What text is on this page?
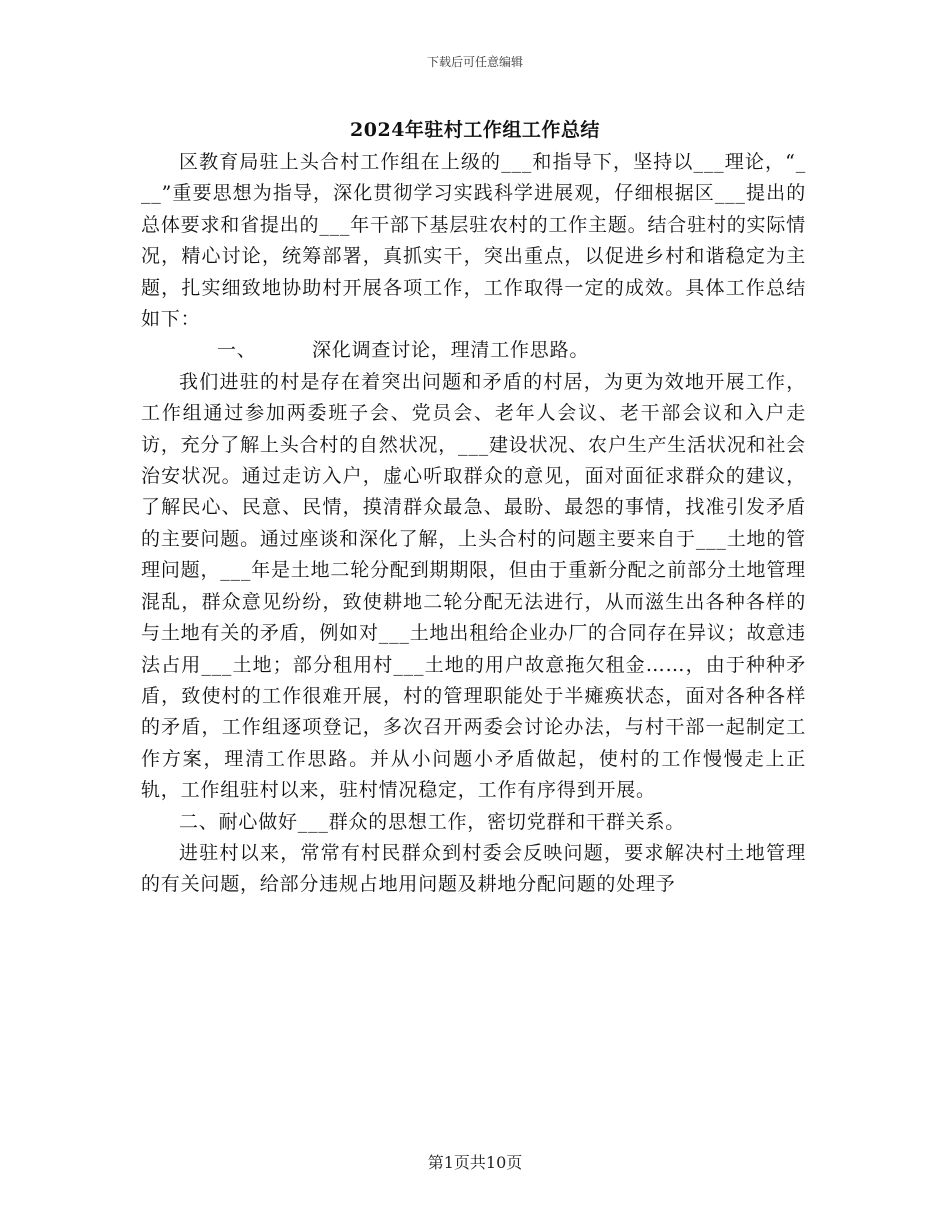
下载后可任意编辑
2024年驻村工作组工作总结

区教育局驻上头合村工作组在上级的___和指导下，坚持以___理论，“___”重要思想为指导，深化贯彻学习实践科学进展观，仔细根据区___提出的总体要求和省提出的___年干部下基层驻农村的工作主题。结合驻村的实际情况，精心讨论，统筹部署，真抓实干，突出重点，以促进乡村和谐稳定为主题，扎实细致地协助村开展各项工作，工作取得一定的成效。具体工作总结如下：

一、	深化调查讨论，理清工作思路。

我们进驻的村是存在着突出问题和矛盾的村居，为更为效地开展工作，工作组通过参加两委班子会、党员会、老年人会议、老干部会议和入户走访，充分了解上头合村的自然状况，___建设状况、农户生产生活状况和社会治安状况。通过走访入户，虚心听取群众的意见，面对面征求群众的建议，了解民心、民意、民情，摸清群众最急、最盼、最怨的事情，找准引发矛盾的主要问题。通过座谈和深化了解，上头合村的问题主要来自于___土地的管理问题，___年是土地二轮分配到期期限，但由于重新分配之前部分土地管理混乱，群众意见纷纷，致使耕地二轮分配无法进行，从而滋生出各种各样的与土地有关的矛盾，例如对___土地出租给企业办厂的合同存在异议；故意违法占用___土地；部分租用村___土地的用户故意拖欠租金……，由于种种矛盾，致使村的工作很难开展，村的管理职能处于半瘫痪状态，面对各种各样的矛盾，工作组逐项登记，多次召开两委会讨论办法，与村干部一起制定工作方案，理清工作思路。并从小问题小矛盾做起，使村的工作慢慢走上正轨，工作组驻村以来，驻村情况稳定，工作有序得到开展。

二、耐心做好___群众的思想工作，密切党群和干群关系。

进驻村以来，常常有村民群众到村委会反映问题，要求解决村土地管理的有关问题，给部分违规占地用问题及耕地分配问题的处理予

第1页共10页
